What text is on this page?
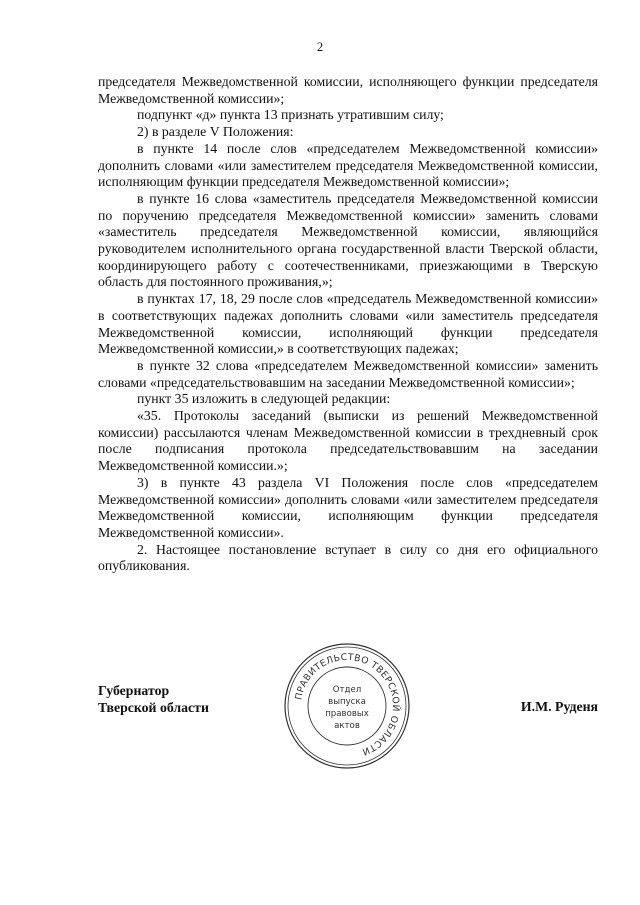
2

председателя Межведомственной комиссии, исполняющего функции председателя Межведомственной комиссии»;

подпункт «д» пункта 13 признать утратившим силу;

2) в разделе V Положения:

в пункте 14 после слов «председателем Межведомственной комиссии» дополнить словами «или заместителем председателя Межведомственной комиссии, исполняющим функции председателя Межведомственной комиссии»;

в пункте 16 слова «заместитель председателя Межведомственной комиссии по поручению председателя Межведомственной комиссии» заменить словами «заместитель председателя Межведомственной комиссии, являющийся руководителем исполнительного органа государственной власти Тверской области, координирующего работу с соотечественниками, приезжающими в Тверскую область для постоянного проживания,»;

в пунктах 17, 18, 29 после слов «председатель Межведомственной комиссии» в соответствующих падежах дополнить словами «или заместитель председателя Межведомственной комиссии, исполняющий функции председателя Межведомственной комиссии,» в соответствующих падежах;

в пункте 32 слова «председателем Межведомственной комиссии» заменить словами «председательствовавшим на заседании Межведомственной комиссии»;

пункт 35 изложить в следующей редакции:

«35. Протоколы заседаний (выписки из решений Межведомственной комиссии) рассылаются членам Межведомственной комиссии в трехдневный срок после подписания протокола председательствовавшим на заседании Межведомственной комиссии.»;

3) в пункте 43 раздела VI Положения после слов «председателем Межведомственной комиссии» дополнить словами «или заместителем председателя Межведомственной комиссии, исполняющим функции председателя Межведомственной комиссии».

2. Настоящее постановление вступает в силу со дня его официального опубликования.

Губернатор
Тверской области	И.М. Руденя
ПРАВИТЕЛЬСТВО ТВЕРСКОЙ ОБЛАСТИ
Отдел
выпуска
правовых
актов
